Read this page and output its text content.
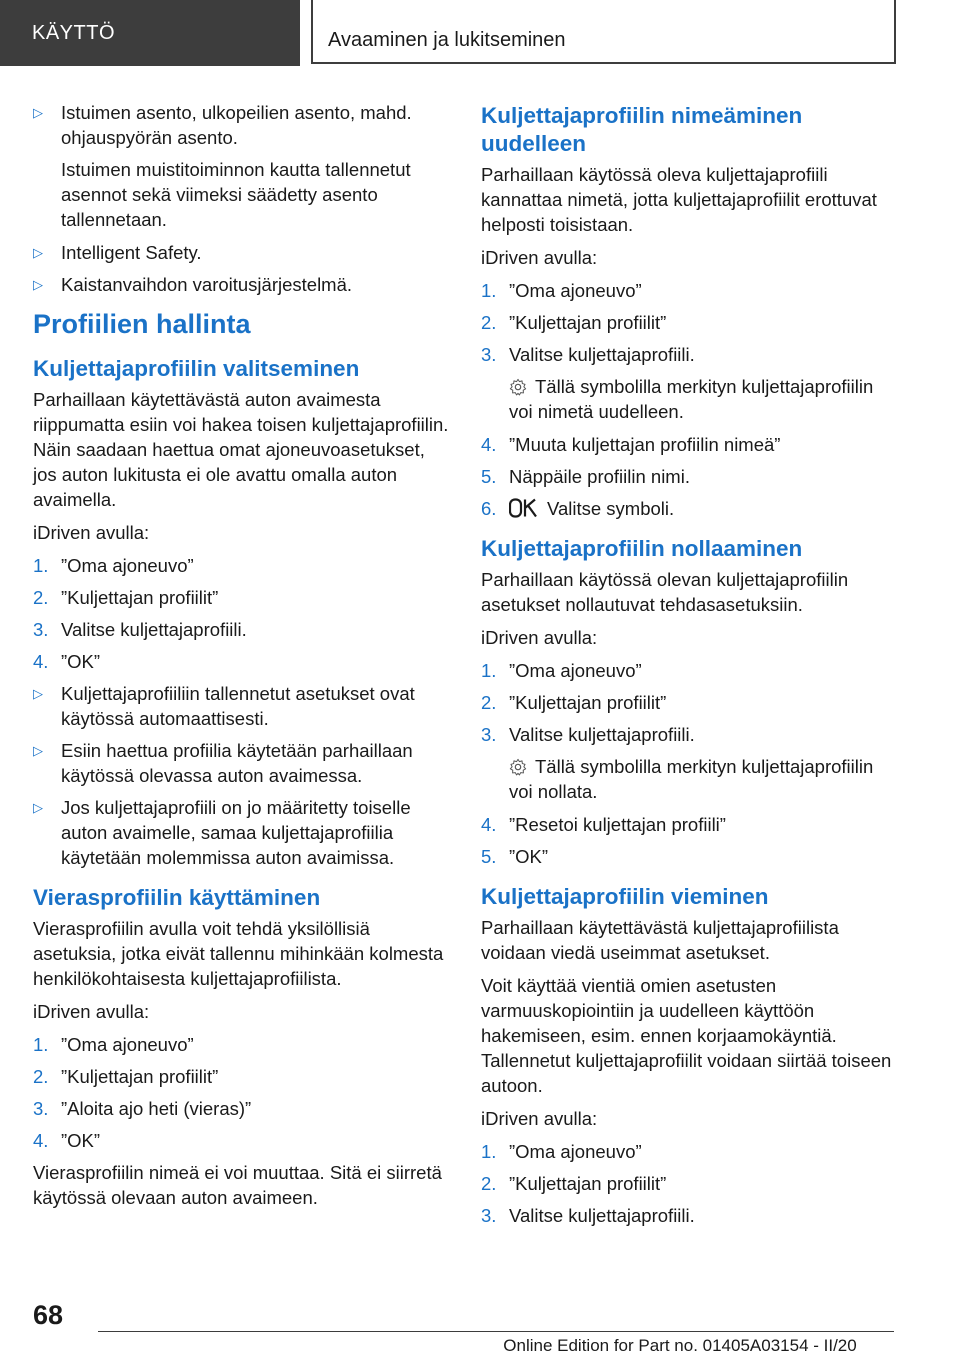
KÄYTTÖ	Avaaminen ja lukitseminen
▷ Istuimen asento, ulkopeilien asento, mahd. ohjauspyörän asento.

Istuimen muistitoiminnon kautta tallennetut asennot sekä viimeksi säädetty asento tallennetaan.

▷ Intelligent Safety.
▷ Kaistanvaihdon varoitusjärjestelmä.
Profiilien hallinta
Kuljettajaprofiilin valitseminen

Parhaillaan käytettävästä auton avaimesta riippumatta esiin voi hakea toisen kuljettajaprofiilin. Näin saadaan haettua omat ajoneuvoasetukset, jos auton lukitusta ei ole avattu omalla auton avaimella.

iDriven avulla:

1. ”Oma ajoneuvo”
2. ”Kuljettajan profiilit”
3. Valitse kuljettajaprofiili.
4. ”OK”
▷ Kuljettajaprofiiliin tallennetut asetukset ovat käytössä automaattisesti.
▷ Esiin haettua profiilia käytetään parhaillaan käytössä olevassa auton avaimessa.
▷ Jos kuljettajaprofiili on jo määritetty toiselle auton avaimelle, samaa kuljettajaprofiilia käytetään molemmissa auton avaimissa.
Vierasprofiilin käyttäminen

Vierasprofiilin avulla voit tehdä yksilöllisiä asetuksia, jotka eivät tallennu mihinkään kolmesta henkilökohtaisesta kuljettajaprofiilista.

iDriven avulla:

1. ”Oma ajoneuvo”
2. ”Kuljettajan profiilit”
3. ”Aloita ajo heti (vieras)”
4. ”OK”

Vierasprofiilin nimeä ei voi muuttaa. Sitä ei siirretä käytössä olevaan auton avaimeen.

Kuljettajaprofiilin nimeäminen uudelleen

Parhaillaan käytössä oleva kuljettajaprofiili kannattaa nimetä, jotta kuljettajaprofiilit erottuvat helposti toisistaan.

iDriven avulla:

1. ”Oma ajoneuvo”
2. ”Kuljettajan profiilit”
3. Valitse kuljettajaprofiili.

Tällä symbolilla merkityn kuljettajaprofiilin voi nimetä uudelleen.

4. ”Muuta kuljettajan profiilin nimeä”
5. Näppäile profiilin nimi.
6.	Valitse symboli.
Kuljettajaprofiilin nollaaminen

Parhaillaan käytössä olevan kuljettajaprofiilin asetukset nollautuvat tehdasasetuksiin.

iDriven avulla:

1. ”Oma ajoneuvo”
2. ”Kuljettajan profiilit”
3. Valitse kuljettajaprofiili.

Tällä symbolilla merkityn kuljettajaprofiilin voi nollata.

4. ”Resetoi kuljettajan profiili”
5. ”OK”
Kuljettajaprofiilin vieminen

Parhaillaan käytettävästä kuljettajaprofiilista voidaan viedä useimmat asetukset.

Voit käyttää vientiä omien asetusten varmuuskopiointiin ja uudelleen käyttöön hakemiseen, esim. ennen korjaamokäyntiä. Tallennetut kuljettajaprofiilit voidaan siirtää toiseen autoon.

iDriven avulla:

1. ”Oma ajoneuvo”
2. ”Kuljettajan profiilit”
3. Valitse kuljettajaprofiili.
68
Online Edition for Part no. 01405A03154 - II/20
